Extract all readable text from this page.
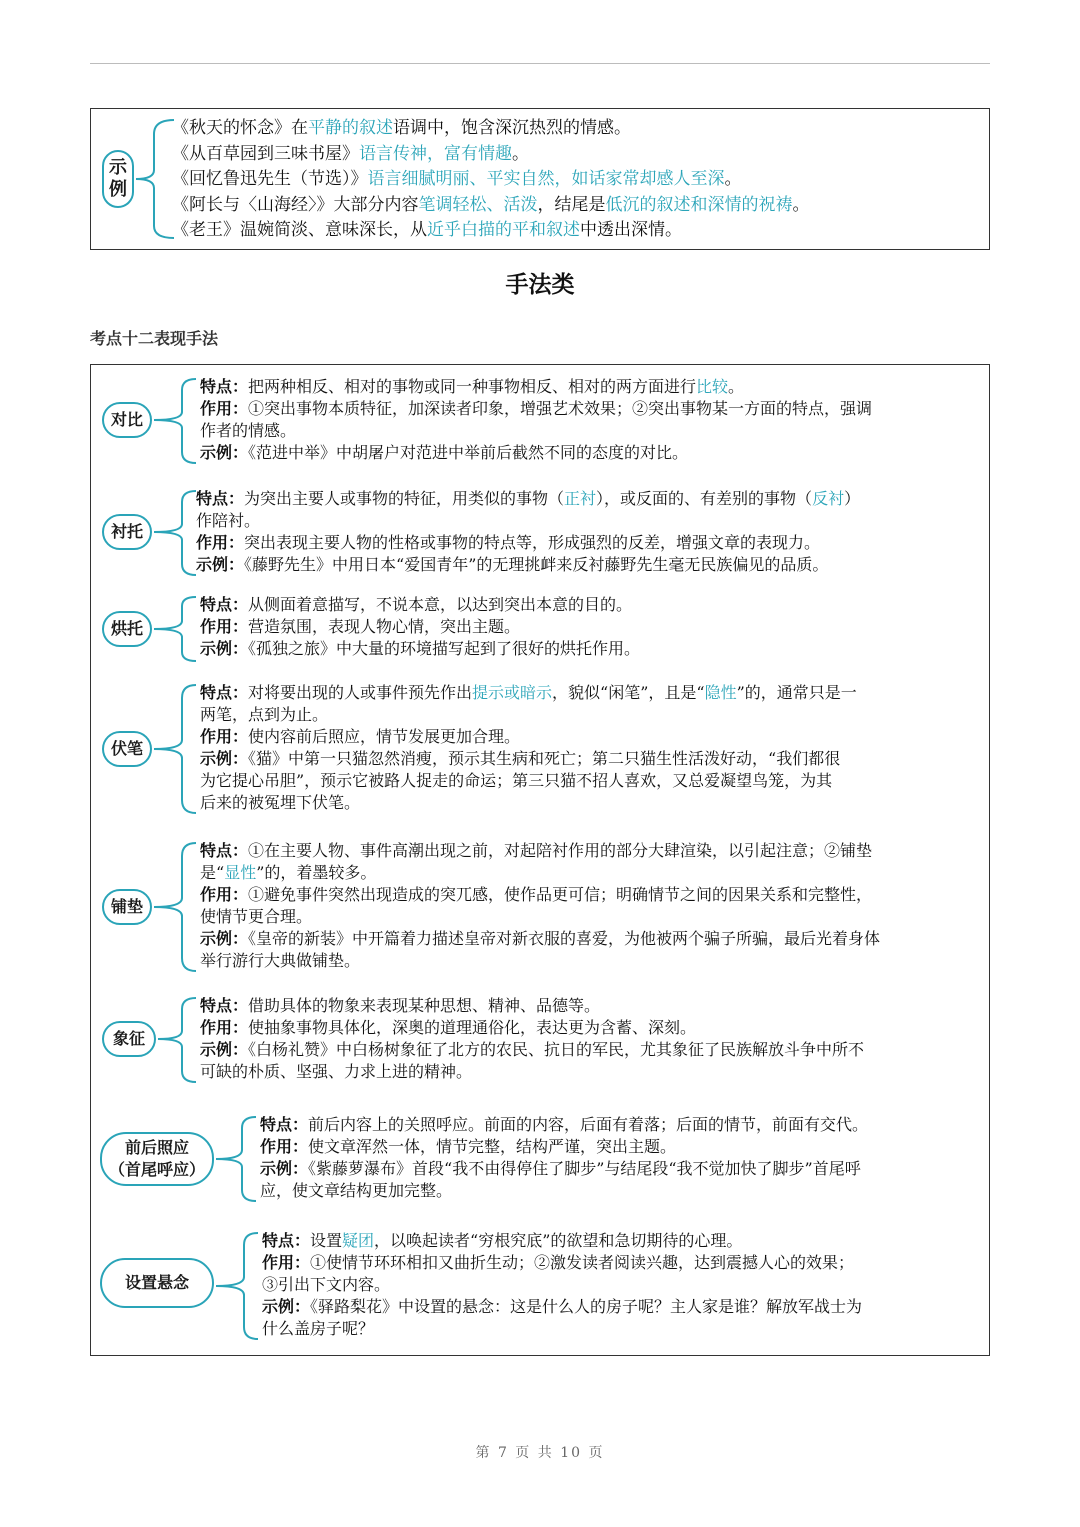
示
例
《秋天的怀念》在平静的叙述语调中，饱含深沉热烈的情感。
《从百草园到三味书屋》语言传神，富有情趣。
《回忆鲁迅先生（节选）》语言细腻明丽、平实自然，如话家常却感人至深。
《阿长与〈山海经〉》大部分内容笔调轻松、活泼，结尾是低沉的叙述和深情的祝祷。
《老王》温婉简淡、意味深长，从近乎白描的平和叙述中透出深情。
手法类
考点十二表现手法
对比
特点：把两种相反、相对的事物或同一种事物相反、相对的两方面进行比较。
作用：①突出事物本质特征，加深读者印象，增强艺术效果；②突出事物某一方面的特点，强调
作者的情感。
示例：《范进中举》中胡屠户对范进中举前后截然不同的态度的对比。
衬托
特点：为突出主要人或事物的特征，用类似的事物（正衬），或反面的、有差别的事物（反衬）
作陪衬。
作用：突出表现主要人物的性格或事物的特点等，形成强烈的反差，增强文章的表现力。
示例：《藤野先生》中用日本“爱国青年”的无理挑衅来反衬藤野先生毫无民族偏见的品质。
烘托
特点：从侧面着意描写，不说本意，以达到突出本意的目的。
作用：营造氛围，表现人物心情，突出主题。
示例：《孤独之旅》中大量的环境描写起到了很好的烘托作用。
伏笔
特点：对将要出现的人或事件预先作出提示或暗示，貌似“闲笔”，且是“隐性”的，通常只是一
两笔，点到为止。
作用：使内容前后照应，情节发展更加合理。
示例：《猫》中第一只猫忽然消瘦，预示其生病和死亡；第二只猫生性活泼好动，“我们都很
为它提心吊胆”，预示它被路人捉走的命运；第三只猫不招人喜欢，又总爱凝望鸟笼，为其
后来的被冤埋下伏笔。
铺垫
特点：①在主要人物、事件高潮出现之前，对起陪衬作用的部分大肆渲染，以引起注意；②铺垫
是“显性”的，着墨较多。
作用：①避免事件突然出现造成的突兀感，使作品更可信；明确情节之间的因果关系和完整性，
使情节更合理。
示例：《皇帝的新装》中开篇着力描述皇帝对新衣服的喜爱，为他被两个骗子所骗，最后光着身体
举行游行大典做铺垫。
象征
特点：借助具体的物象来表现某种思想、精神、品德等。
作用：使抽象事物具体化，深奥的道理通俗化，表达更为含蓄、深刻。
示例：《白杨礼赞》中白杨树象征了北方的农民、抗日的军民，尤其象征了民族解放斗争中所不
可缺的朴质、坚强、力求上进的精神。
前后照应
（首尾呼应）
特点：前后内容上的关照呼应。前面的内容，后面有着落；后面的情节，前面有交代。
作用：使文章浑然一体，情节完整，结构严谨，突出主题。
示例：《紫藤萝瀑布》首段“我不由得停住了脚步”与结尾段“我不觉加快了脚步”首尾呼
应，使文章结构更加完整。
设置悬念
特点：设置疑团，以唤起读者“穷根究底”的欲望和急切期待的心理。
作用：①使情节环环相扣又曲折生动；②激发读者阅读兴趣，达到震撼人心的效果；
③引出下文内容。
示例：《驿路梨花》中设置的悬念：这是什么人的房子呢？主人家是谁？解放军战士为
什么盖房子呢？
第 7 页 共 10 页
